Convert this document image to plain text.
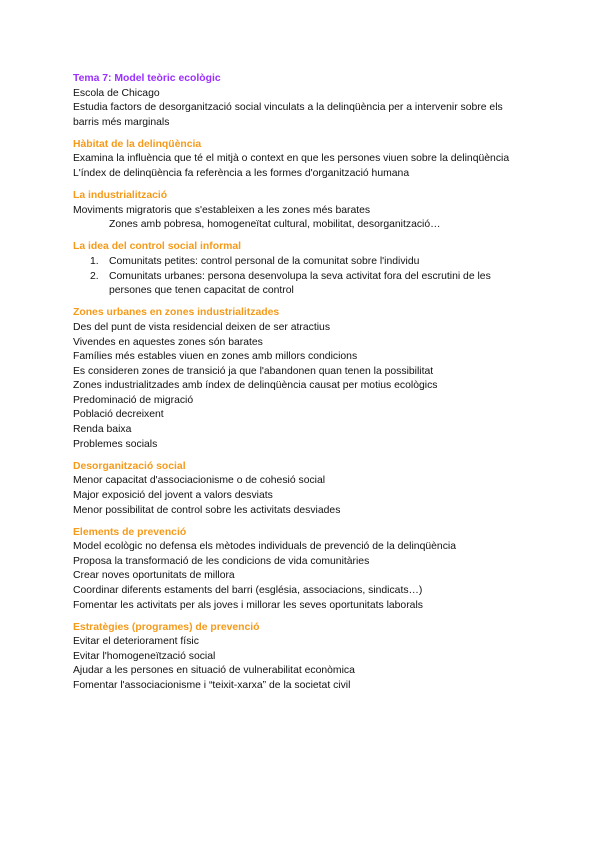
Tema 7: Model teòric ecològic
Escola de Chicago
Estudia factors de desorganització social vinculats a la delinqüència per a intervenir sobre els barris més marginals
Hàbitat de la delinqüència
Examina la influència que té el mitjà o context en que les persones viuen sobre la delinqüència
L'índex de delinqüència fa referència a les formes d'organització humana
La industrialització
Moviments migratoris que s'estableixen a les zones més barates
Zones amb pobresa, homogeneïtat cultural, mobilitat, desorganització…
La idea del control social informal
1. Comunitats petites: control personal de la comunitat sobre l'individu
2. Comunitats urbanes: persona desenvolupa la seva activitat fora del escrutini de les persones que tenen capacitat de control
Zones urbanes en zones industrialitzades
Des del punt de vista residencial deixen de ser atractius
Vivendes en aquestes zones són barates
Famílies més estables viuen en zones amb millors condicions
Es consideren zones de transició ja que l'abandonen quan tenen la possibilitat
Zones industrialitzades amb índex de delinqüència causat per motius ecològics
Predominació de migració
Població decreixent
Renda baixa
Problemes socials
Desorganització social
Menor capacitat d'associacionisme o de cohesió social
Major exposició del jovent a valors desviats
Menor possibilitat de control sobre les activitats desviades
Elements de prevenció
Model ecològic no defensa els mètodes individuals de prevenció de la delinqüència
Proposa la transformació de les condicions de vida comunitàries
Crear noves oportunitats de millora
Coordinar diferents estaments del barri (església, associacions, sindicats…)
Fomentar les activitats per als joves i millorar les seves oportunitats laborals
Estratègies (programes) de prevenció
Evitar el deteriorament físic
Evitar l'homogeneïtzació social
Ajudar a les persones en situació de vulnerabilitat econòmica
Fomentar l'associacionisme i “teixit-xarxa” de la societat civil
